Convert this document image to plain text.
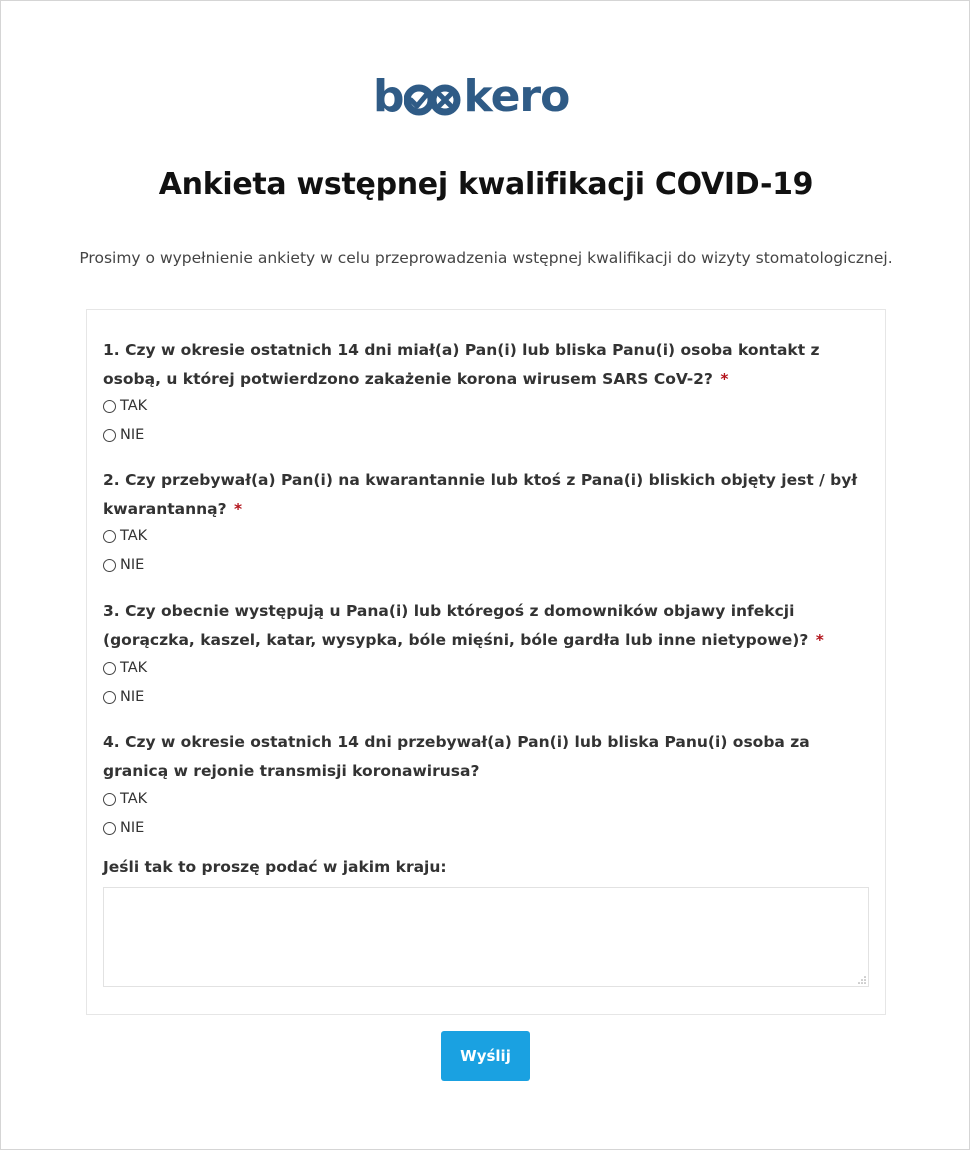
b kero
Ankieta wstępnej kwalifikacji COVID-19

Prosimy o wypełnienie ankiety w celu przeprowadzenia wstępnej kwalifikacji do wizyty stomatologicznej.

1. Czy w okresie ostatnich 14 dni miał(a) Pan(i) lub bliska Panu(i) osoba kontakt z osobą, u której potwierdzono zakażenie korona wirusem SARS CoV-2? *
TAK
NIE
2. Czy przebywał(a) Pan(i) na kwarantannie lub ktoś z Pana(i) bliskich objęty jest / był kwarantanną? *
TAK
NIE
3. Czy obecnie występują u Pana(i) lub któregoś z domowników objawy infekcji (gorączka, kaszel, katar, wysypka, bóle mięśni, bóle gardła lub inne nietypowe)? *
TAK
NIE
4. Czy w okresie ostatnich 14 dni przebywał(a) Pan(i) lub bliska Panu(i) osoba za granicą w rejonie transmisji koronawirusa?
TAK
NIE
Jeśli tak to proszę podać w jakim kraju:
Wyślij
